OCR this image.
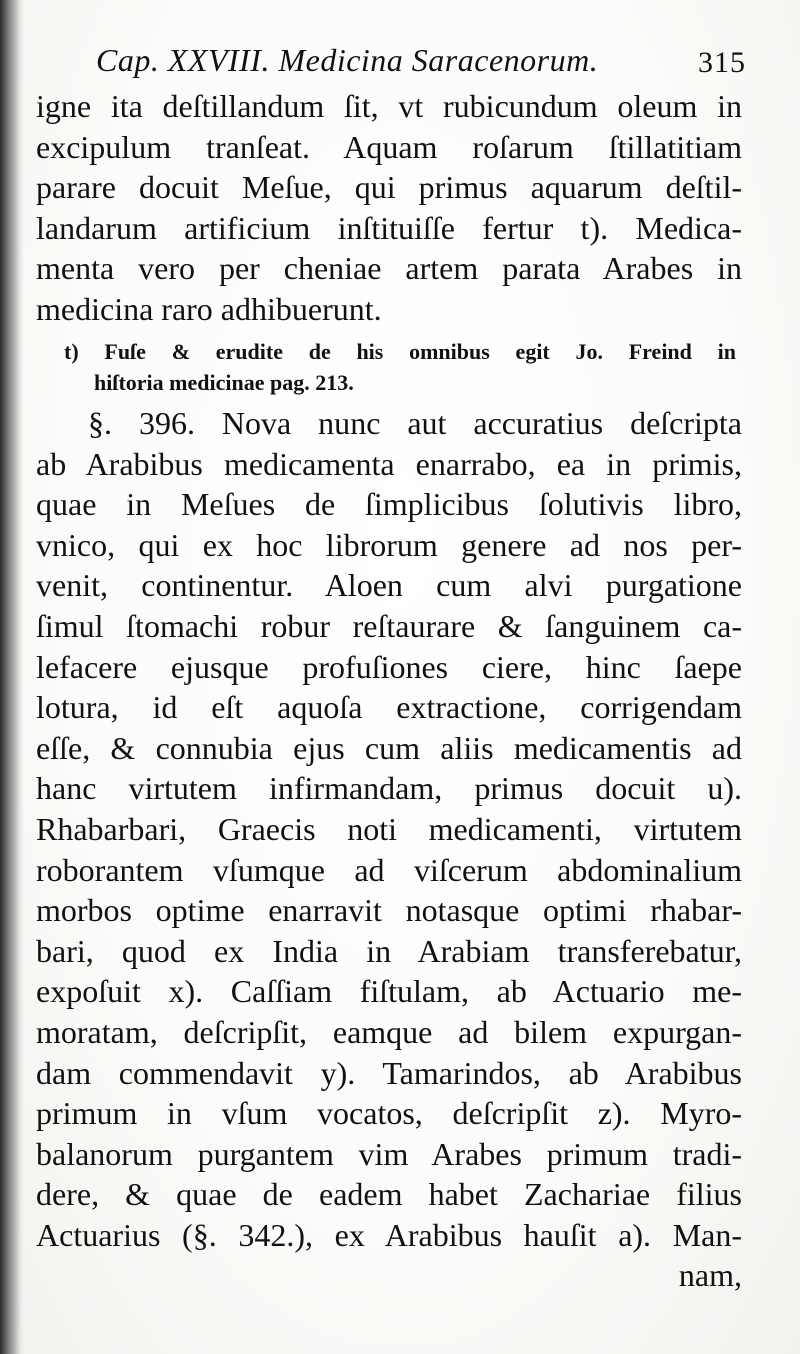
Cap. XXVIII. Medicina Saracenorum.	315
igne ita deſtillandum ſit, vt rubicundum oleum in
excipulum tranſeat. Aquam roſarum ſtillatitiam
parare docuit Meſue, qui primus aquarum deſtil-
landarum artificium inſtituiſſe fertur t). Medica-
menta vero per cheniae artem parata Arabes in
medicina raro adhibuerunt.
t) Fuſe & erudite de his omnibus egit Jo. Freind in
hiſtoria medicinae pag. 213.
§. 396. Nova nunc aut accuratius deſcripta
ab Arabibus medicamenta enarrabo, ea in primis,
quae in Meſues de ſimplicibus ſolutivis libro,
vnico, qui ex hoc librorum genere ad nos per-
venit, continentur. Aloen cum alvi purgatione
ſimul ſtomachi robur reſtaurare & ſanguinem ca-
lefacere ejusque profuſiones ciere, hinc ſaepe
lotura, id eſt aquoſa extractione, corrigendam
eſſe, & connubia ejus cum aliis medicamentis ad
hanc virtutem infirmandam, primus docuit u).
Rhabarbari, Graecis noti medicamenti, virtutem
roborantem vſumque ad viſcerum abdominalium
morbos optime enarravit notasque optimi rhabar-
bari, quod ex India in Arabiam transferebatur,
expoſuit x). Caſſiam fiſtulam, ab Actuario me-
moratam, deſcripſit, eamque ad bilem expurgan-
dam commendavit y). Tamarindos, ab Arabibus
primum in vſum vocatos, deſcripſit z). Myro-
balanorum purgantem vim Arabes primum tradi-
dere, & quae de eadem habet Zachariae filius
Actuarius (§. 342.), ex Arabibus hauſit a). Man-
nam,
